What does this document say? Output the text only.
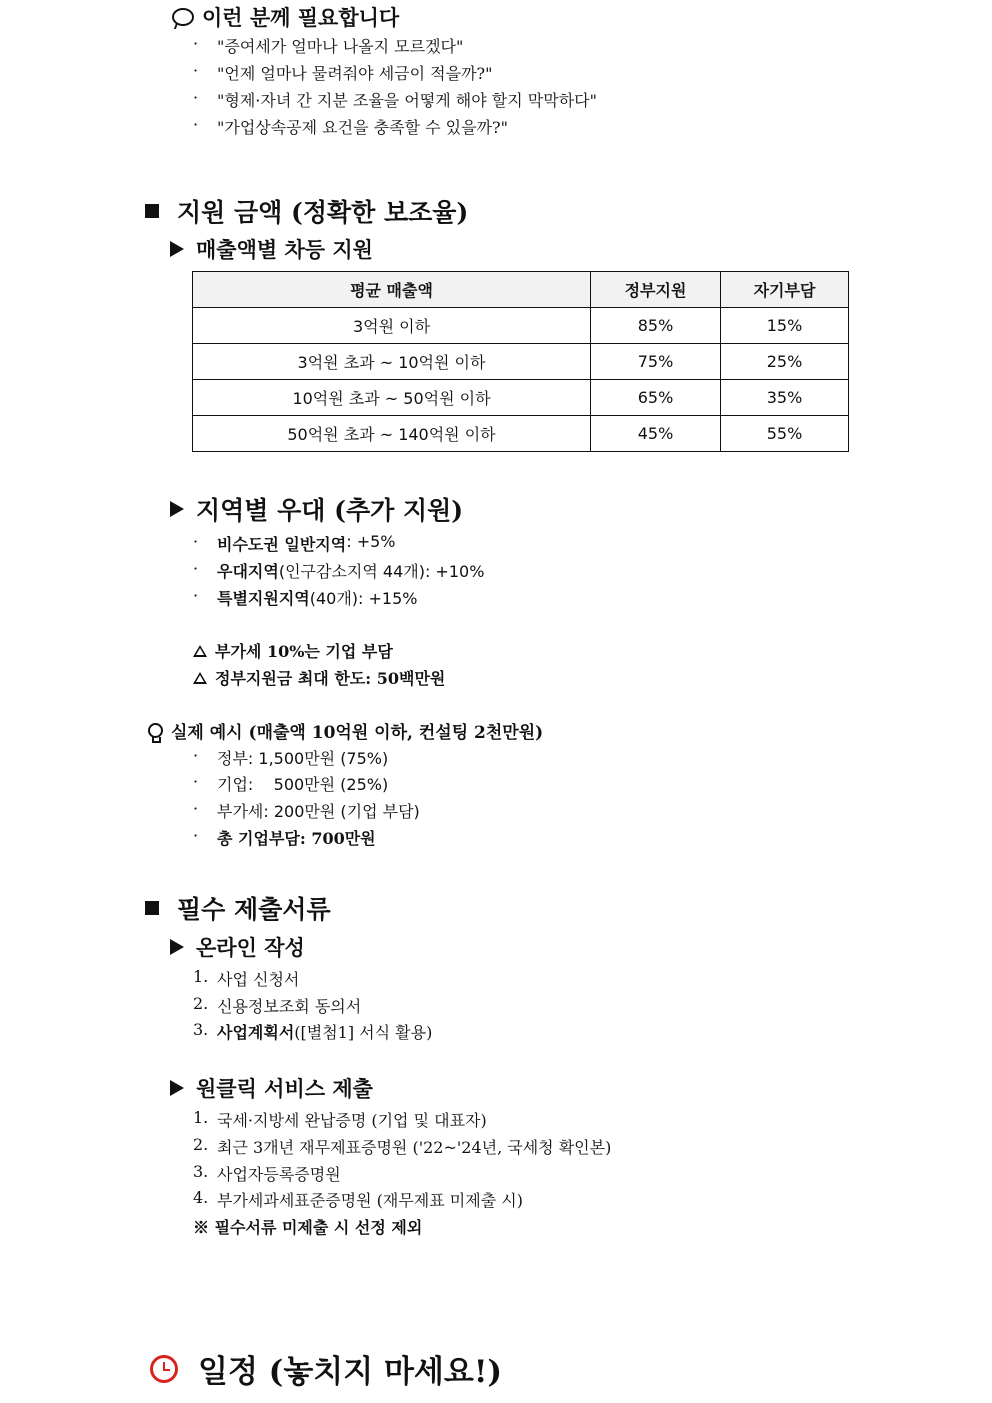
이런 분께 필요합니다
·	"증여세가 얼마나 나올지 모르겠다"
·	"언제 얼마나 물려줘야 세금이 적을까?"
·	"형제·자녀 간 지분 조율을 어떻게 해야 할지 막막하다"
·	"가업상속공제 요건을 충족할 수 있을까?"
지원 금액 (정확한 보조율)
매출액별 차등 지원
평균 매출액	정부지원	자기부담
3억원 이하	85%	15%
3억원 초과 ~ 10억원 이하	75%	25%
10억원 초과 ~ 50억원 이하	65%	35%
50억원 초과 ~ 140억원 이하	45%	55%
지역별 우대 (추가 지원)
·	비수도권 일반지역 : +5%
·	우대지역 (인구감소지역 44개): +10%
·	특별지원지역 (40개): +15%
부가세 10%는 기업 부담
정부지원금 최대 한도: 50백만원
실제 예시 (매출액 10억원 이하, 컨설팅 2천만원)
·	정부: 1,500만원 (75%)
·	기업:    500만원 (25%)
·	부가세: 200만원 (기업 부담)
·	총 기업부담: 700만원
필수 제출서류
온라인 작성
1. 사업 신청서
2. 신용정보조회 동의서
3. 사업계획서 ([별첨1] 서식 활용)
원클릭 서비스 제출
1. 국세·지방세 완납증명 (기업 및 대표자)
2. 최근 3개년 재무제표증명원 ('22~'24년, 국세청 확인본)
3. 사업자등록증명원
4. 부가세과세표준증명원 (재무제표 미제출 시)
※ 필수서류 미제출 시 선정 제외
일정 (놓치지 마세요!)
